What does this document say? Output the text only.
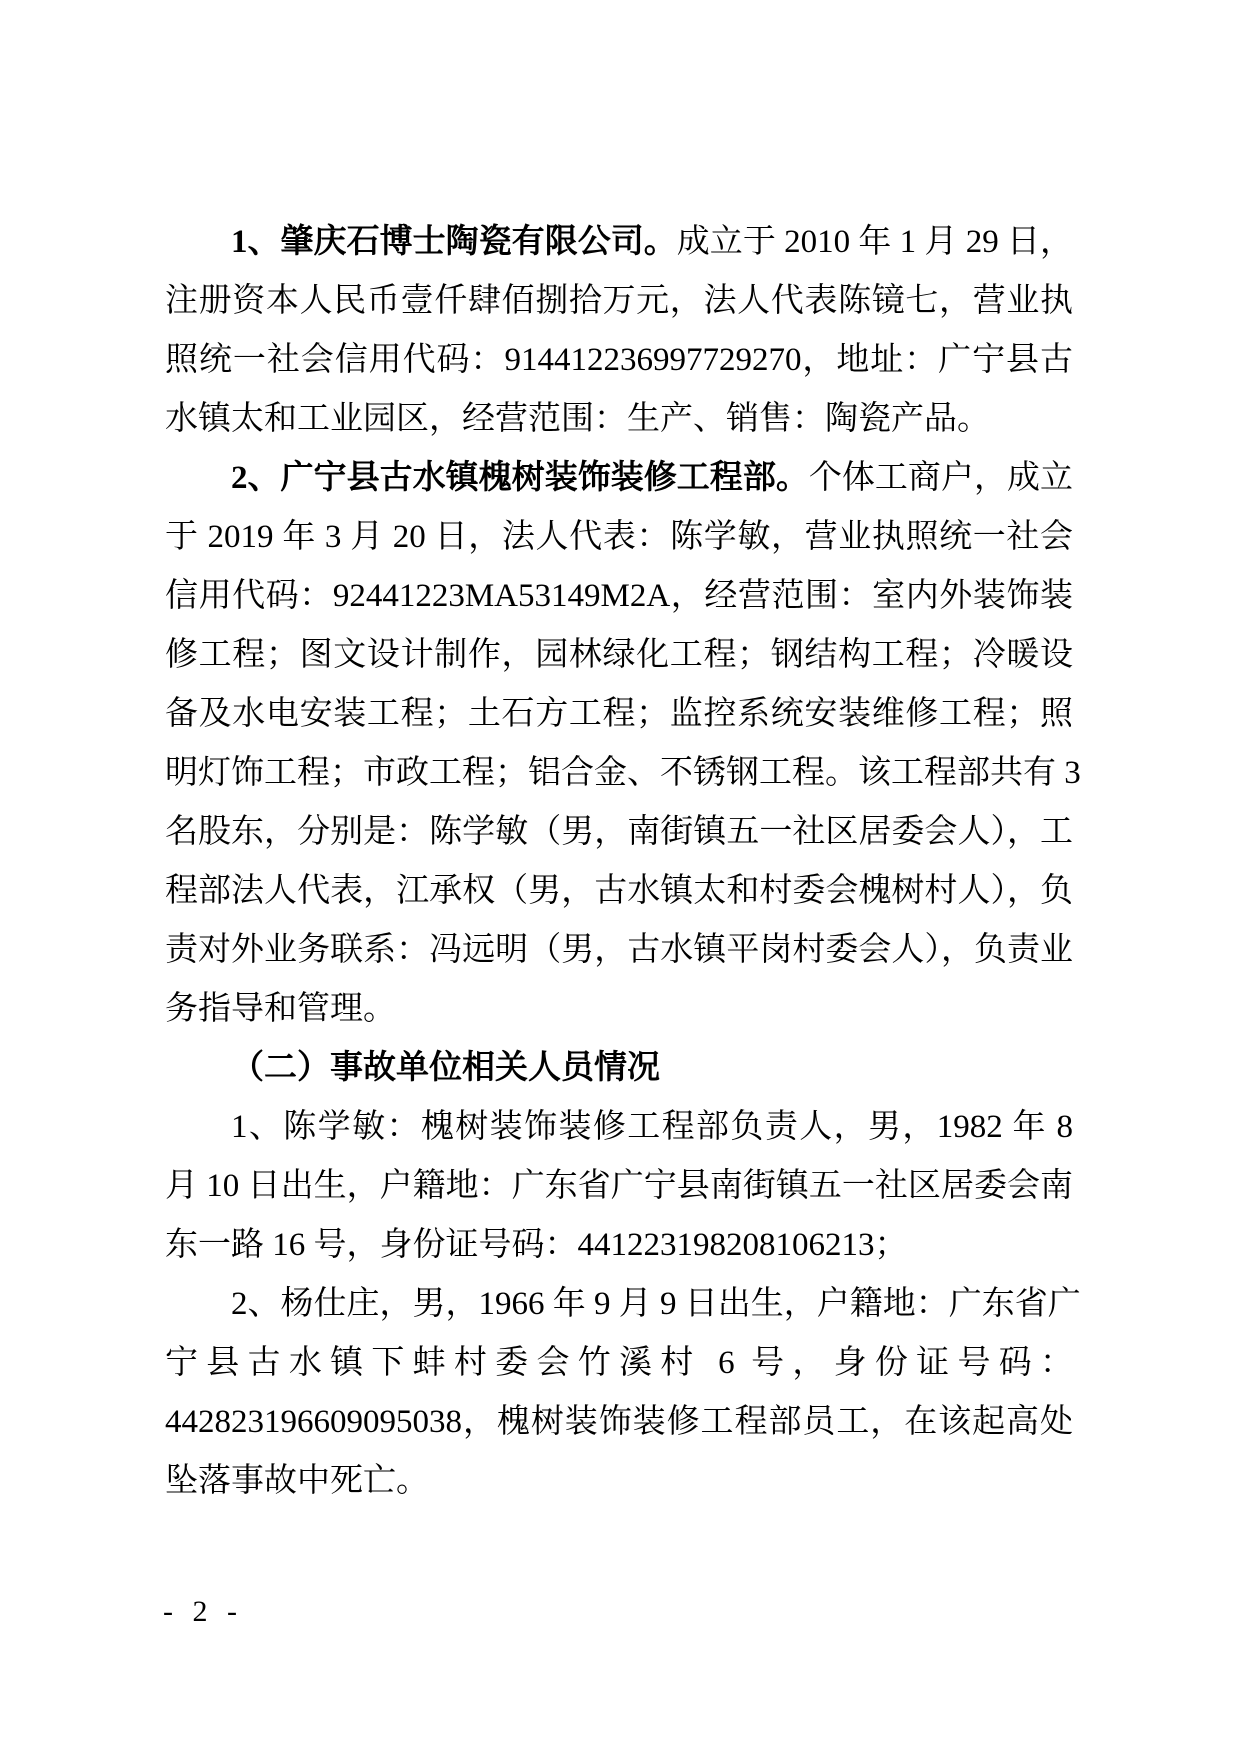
1、肇庆石博士陶瓷有限公司。成立于 2010 年 1 月 29 日，
注册资本人民币壹仟肆佰捌拾万元，法人代表陈镜七，营业执
照统一社会信用代码：914412236997729270，地址：广宁县古
水镇太和工业园区，经营范围：生产、销售：陶瓷产品。
2、广宁县古水镇槐树装饰装修工程部。个体工商户，成立
于 2019 年 3 月 20 日，法人代表：陈学敏，营业执照统一社会
信用代码：92441223MA53149M2A，经营范围：室内外装饰装
修工程；图文设计制作，园林绿化工程；钢结构工程；冷暖设
备及水电安装工程；土石方工程；监控系统安装维修工程；照
明灯饰工程；市政工程；铝合金、不锈钢工程。该工程部共有 3
名股东，分别是：陈学敏（男，南街镇五一社区居委会人），工
程部法人代表，江承权（男，古水镇太和村委会槐树村人），负
责对外业务联系：冯远明（男，古水镇平岗村委会人），负责业
务指导和管理。
（二）事故单位相关人员情况
1、陈学敏：槐树装饰装修工程部负责人，男，1982 年 8
月 10 日出生，户籍地：广东省广宁县南街镇五一社区居委会南
东一路 16 号，身份证号码：441223198208106213；
2、杨仕庄，男，1966 年 9 月 9 日出生，户籍地：广东省广
宁县古水镇下蚌村委会竹溪村 6 号，身份证号码：
442823196609095038，槐树装饰装修工程部员工，在该起高处
坠落事故中死亡。
- 2 -
